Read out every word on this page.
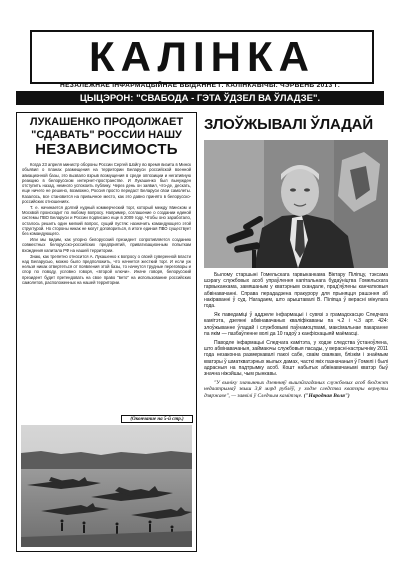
КАЛІНКА
НЕЗАЛЕЖНАЕ ІНФАРМАЦЫЙНАЕ ВЫДАННЕ Г. КАЛІНКАВІЧЫ. ЧЭРВЕНЬ 2013 Г.
ЦЫЦЭРОН: "СВАБОДА - ГЭТА ЎДЗЕЛ ВА ЎЛАДЗЕ".
ЛУКАШЕНКО ПРОДОЛЖАЕТ
"СДАВАТЬ" РОССИИ НАШУ
НЕЗАВИСИМОСТЬ

Когда 23 апреля министр обороны России Сергей Шойгу во время визита в Минск объявил о планах размещения на территории Беларуси российской военной авиационной базы, это вызвало взрыв возмущения в среде оппозиции и негативную реакцию в белорусском интернет-пространстве. И Лукашенко был вынужден отступить назад, немного успокоить публику. Через день он заявил, что-де, дескать, еще ничего не решено, возможно, Россия просто передаст Беларуси свои самолеты. Казалось, все становится на привычное место, как это давно принято в белорусско-российских отношениях.

Т. е. начинается долгий нудный коммерческий торг, который между Минском и Москвой происходит по любому вопросу. Например, соглашение о создании единой системы ПВО Беларуси и России подписано еще в 2009 году. Чтобы оно заработало, осталось решить один мелкий вопрос, сущий пустяк: назначить командующего этой структурой. Но стороны никак не могут договориться, в итоге единая ПВО существует без командующего.

Или мы видим, как упорно белорусский президент сопротивляется созданию совместных белорусско-российских предприятий, приватизационным попыткам вхождения капитала РФ на нашей территории.

Знаю, как трепетно относится А. Лукашенко к вопросу о своей суверенной власти над Беларусью, можно было предположить, что начнется жесткий торг. И если уж нельзя никак отвертеться от появления этой базы, то начнутся трудные переговоры и спор по поводу, условно говоря, «второй ключи». Иначе говоря, белорусский президент будет претендовать на свое право "вето" на использование российских самолетов, расположенных на нашей территории.

(Окончание на 5-й стр.)
ЗЛОЎЖЫВАЛІ ЎЛАДАЙ

Былому старшыні Гомельскага гарвыканкама Віктару Пілiпцу, тэксама шэрагу службовых асоб упраўлення капітальнага будаўніцтва Гомельскага гарвыканкама, замяшаным у кватэрным скандале, прад'яўлены канчатковыя абвінавачанні. Справа перададзена пракурору для прыняцця рашэння аб накіраванні ў суд. Нагадаем, што арыштавалі В. Пiлiпца ў верасні мінулага года.

Як паведаміці ў аддзеле інфармацыі і сувязі з грамадскасцю Следчага камітэта, дзеянні абвінавачаных кваліфікаваны па ч.2 і ч.3 арт. 424: злоўжыванне ўладай і службовымі паўнамоцтвамі, максімальнае пакаранне па якім — пазбаўленне волі да 10 гадоў з канфіскацыяй маёмасці.

Паводле інфармацыі Следчага камітэта, у ходзе следства ўстаноўлена, што абвінавачаныя, займаючы службовыя пасады, у верасні-кастрычніку 2011 года незаконна размеркавалі пакоі сабе, сваім сваякам, блізкім і знаёмым кватэры ў шматкватэрных жылых дамах, часткі якіх пазначаныя ў Гомелі і былі адрасныя на падтрымку асоб. Кошт набытых абвінавачанымі кватэр быў значна ніжэйшы, чым рынкавы.

"У выніку злачынных дзеянняў вышэйзгаданых службовых асоб бюджэт недаатрымаў звыш 3,8 млрд рублёў, у ходзе следства кватэры вернуты дзяржаве", — заявілі ў Следчым камітэце. ("Народная Воля")
